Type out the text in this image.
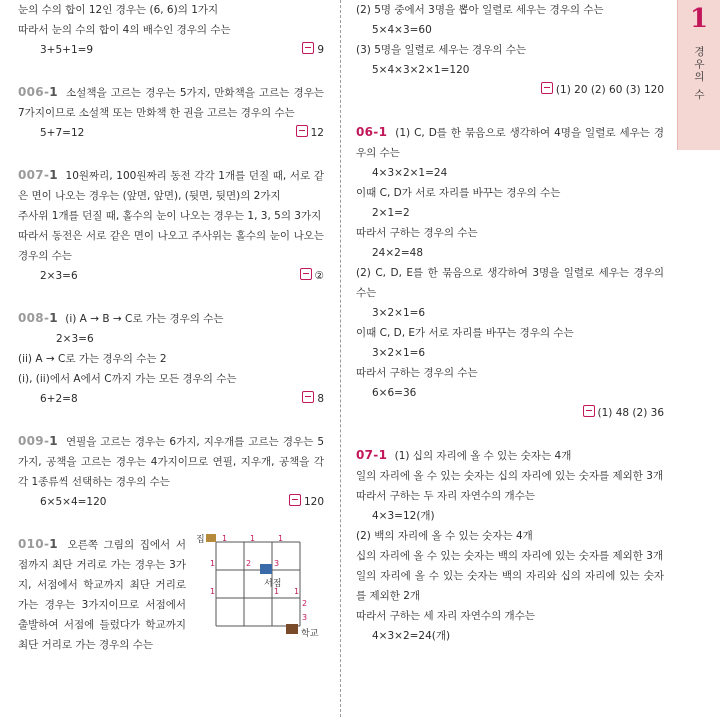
1
경우의 수
눈의 수의 합이 12인 경우는 (6, 6)의 1가지
따라서 눈의 수의 합이 4의 배수인 경우의 수는
3+5+1=9	9
006-1 소설책을 고르는 경우는 5가지, 만화책을 고르는 경우는 7가지이므로 소설책 또는 만화책 한 권을 고르는 경우의 수는
5+7=12	12
007-1 10원짜리, 100원짜리 동전 각각 1개를 던질 때, 서로 같은 면이 나오는 경우는 (앞면, 앞면), (뒷면, 뒷면)의 2가지
주사위 1개를 던질 때, 홀수의 눈이 나오는 경우는 1, 3, 5의 3가지
따라서 동전은 서로 같은 면이 나오고 주사위는 홀수의 눈이 나오는 경우의 수는
2×3=6	②
008-1 (i) A → B → C로 가는 경우의 수는
2×3=6
(ii) A → C로 가는 경우의 수는 2
(i), (ii)에서 A에서 C까지 가는 모든 경우의 수는
6+2=8	8
009-1 연필을 고르는 경우는 6가지, 지우개를 고르는 경우는 5가지, 공책을 고르는 경우는 4가지이므로 연필, 지우개, 공책을 각각 1종류씩 선택하는 경우의 수는
6×5×4=120	120
010-1 오른쪽 그림의 집에서 서점까지 최단 거리로 가는 경우는 3가지, 서점에서 학교까지 최단 거리로 가는 경우는 3가지이므로 서점에서 출발하여 서점에 들렀다가 학교까지 최단 거리로 가는 경우의 수는
1	1	1
1
1
2	3
1 1
2
3
집
서점
학교
(2) 5명 중에서 3명을 뽑아 일렬로 세우는 경우의 수는
5×4×3=60
(3) 5명을 일렬로 세우는 경우의 수는
5×4×3×2×1=120
(1) 20 (2) 60 (3) 120
06-1 (1) C, D를 한 묶음으로 생각하여 4명을 일렬로 세우는 경우의 수는
4×3×2×1=24
이때 C, D가 서로 자리를 바꾸는 경우의 수는
2×1=2
따라서 구하는 경우의 수는
24×2=48
(2) C, D, E를 한 묶음으로 생각하여 3명을 일렬로 세우는 경우의 수는
3×2×1=6
이때 C, D, E가 서로 자리를 바꾸는 경우의 수는
3×2×1=6
따라서 구하는 경우의 수는
6×6=36
(1) 48 (2) 36
07-1 (1) 십의 자리에 올 수 있는 숫자는 4개
일의 자리에 올 수 있는 숫자는 십의 자리에 있는 숫자를 제외한 3개
따라서 구하는 두 자리 자연수의 개수는
4×3=12(개)
(2) 백의 자리에 올 수 있는 숫자는 4개
십의 자리에 올 수 있는 숫자는 백의 자리에 있는 숫자를 제외한 3개
일의 자리에 올 수 있는 숫자는 백의 자리와 십의 자리에 있는 숫자를 제외한 2개
따라서 구하는 세 자리 자연수의 개수는
4×3×2=24(개)
